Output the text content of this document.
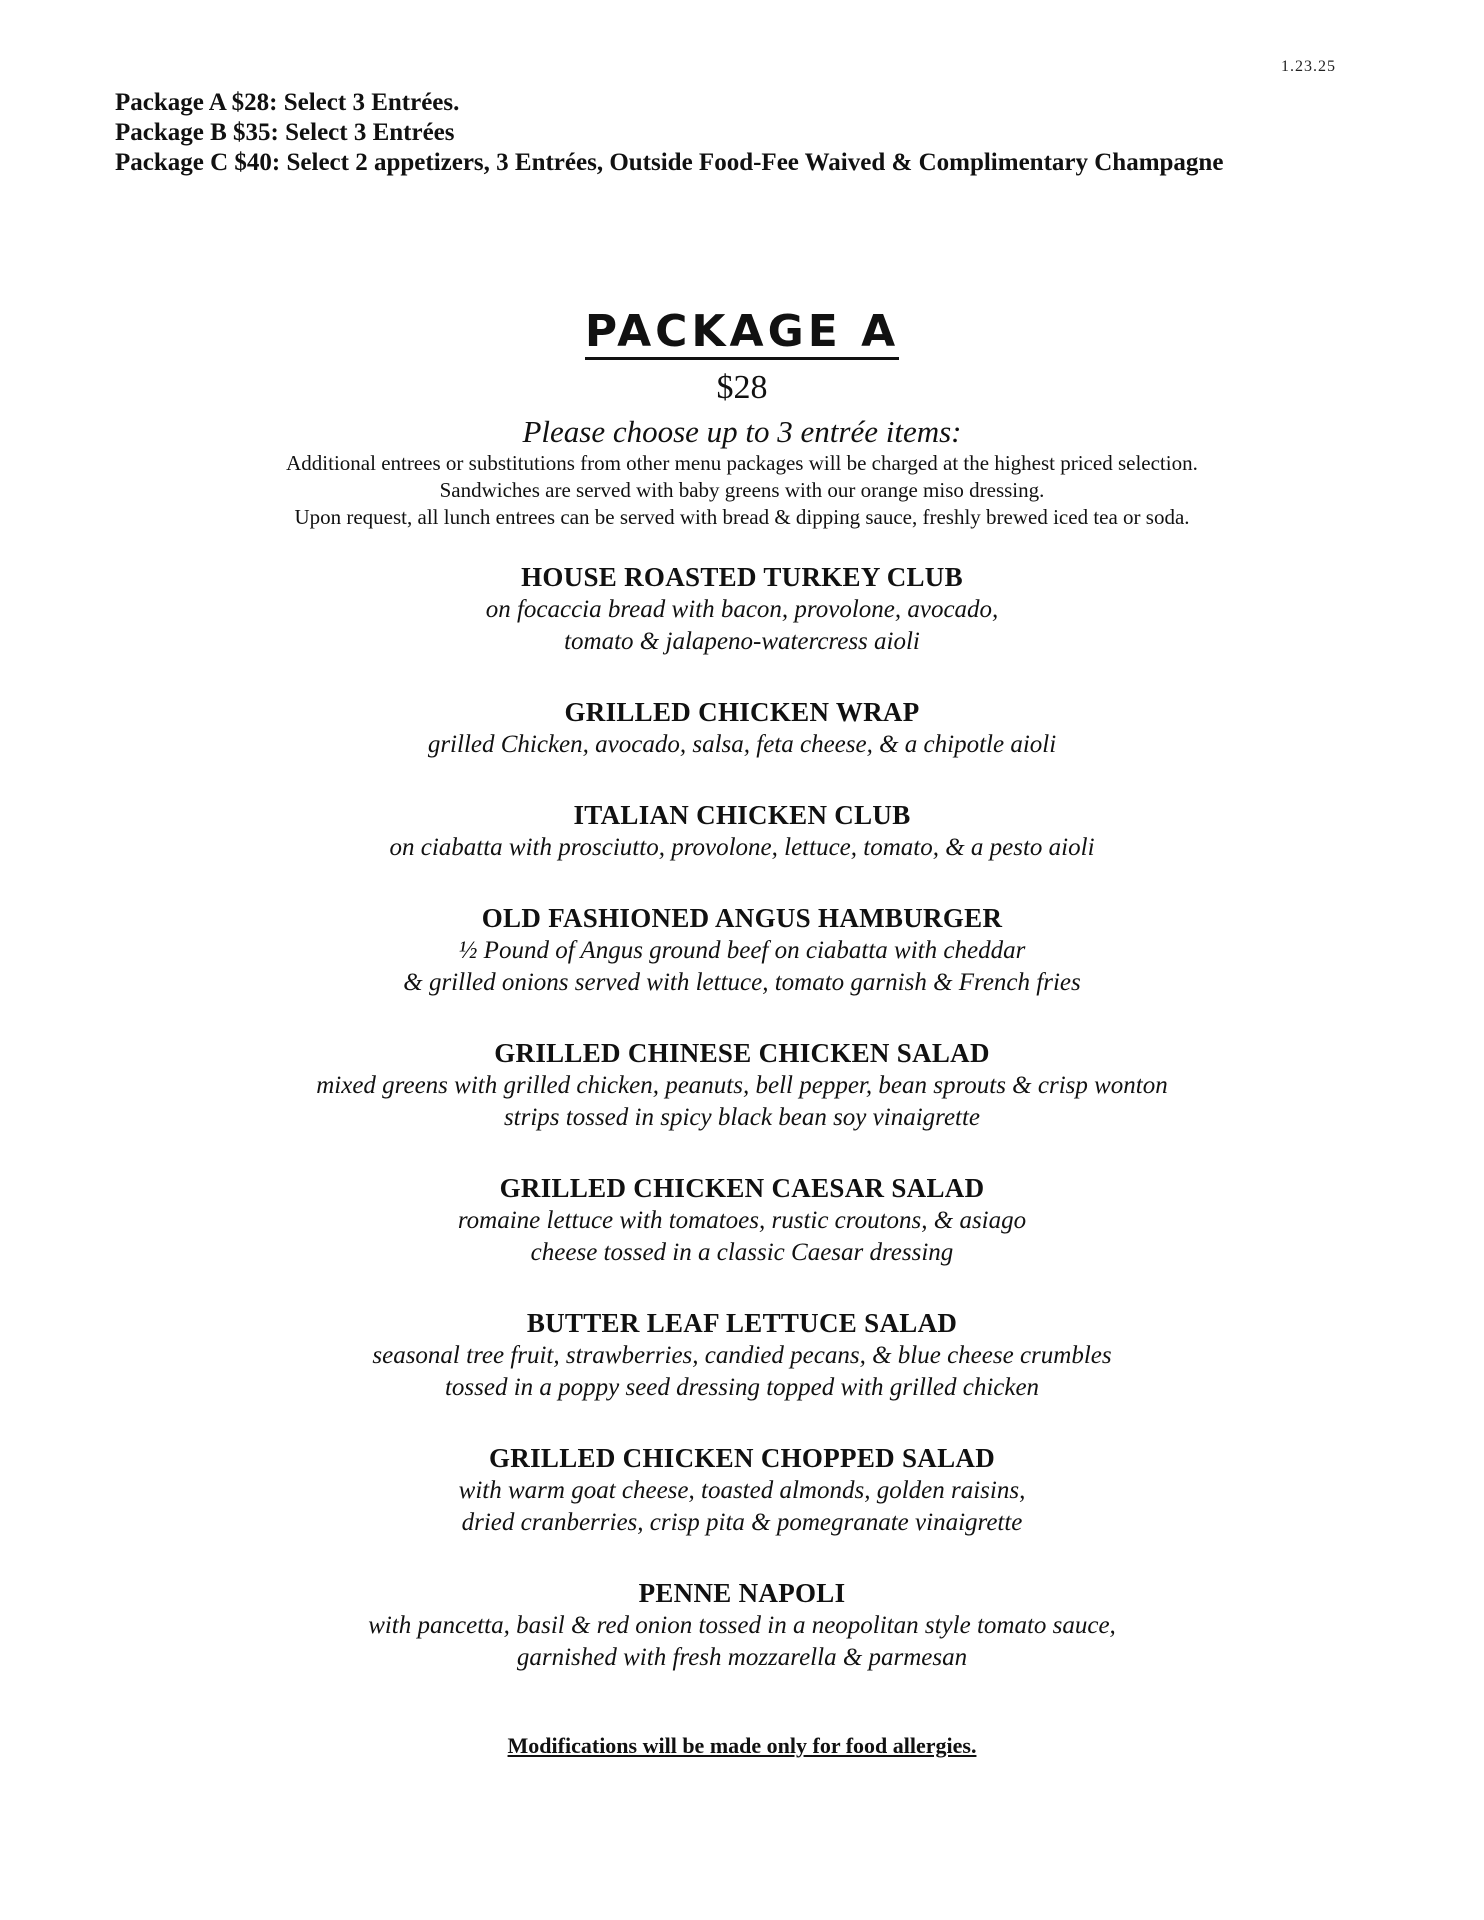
1.23.25
Package A $28: Select 3 Entrées.
Package B $35: Select 3 Entrées
Package C $40: Select 2 appetizers, 3 Entrées, Outside Food-Fee Waived & Complimentary Champagne
PACKAGE A
$28
Please choose up to 3 entrée items:
Additional entrees or substitutions from other menu packages will be charged at the highest priced selection.
Sandwiches are served with baby greens with our orange miso dressing.
Upon request, all lunch entrees can be served with bread & dipping sauce, freshly brewed iced tea or soda.
HOUSE ROASTED TURKEY CLUB
on focaccia bread with bacon, provolone, avocado,
tomato & jalapeno-watercress aioli
GRILLED CHICKEN WRAP
grilled Chicken, avocado, salsa, feta cheese, & a chipotle aioli
ITALIAN CHICKEN CLUB
on ciabatta with prosciutto, provolone, lettuce, tomato, & a pesto aioli
OLD FASHIONED ANGUS HAMBURGER
½ Pound of Angus ground beef on ciabatta with cheddar
& grilled onions served with lettuce, tomato garnish & French fries
GRILLED CHINESE CHICKEN SALAD
mixed greens with grilled chicken, peanuts, bell pepper, bean sprouts & crisp wonton
strips tossed in spicy black bean soy vinaigrette
GRILLED CHICKEN CAESAR SALAD
romaine lettuce with tomatoes, rustic croutons, & asiago
cheese tossed in a classic Caesar dressing
BUTTER LEAF LETTUCE SALAD
seasonal tree fruit, strawberries, candied pecans, & blue cheese crumbles
tossed in a poppy seed dressing topped with grilled chicken
GRILLED CHICKEN CHOPPED SALAD
with warm goat cheese, toasted almonds, golden raisins,
dried cranberries, crisp pita & pomegranate vinaigrette
PENNE NAPOLI
with pancetta, basil & red onion tossed in a neopolitan style tomato sauce,
garnished with fresh mozzarella & parmesan
Modifications will be made only for food allergies.
